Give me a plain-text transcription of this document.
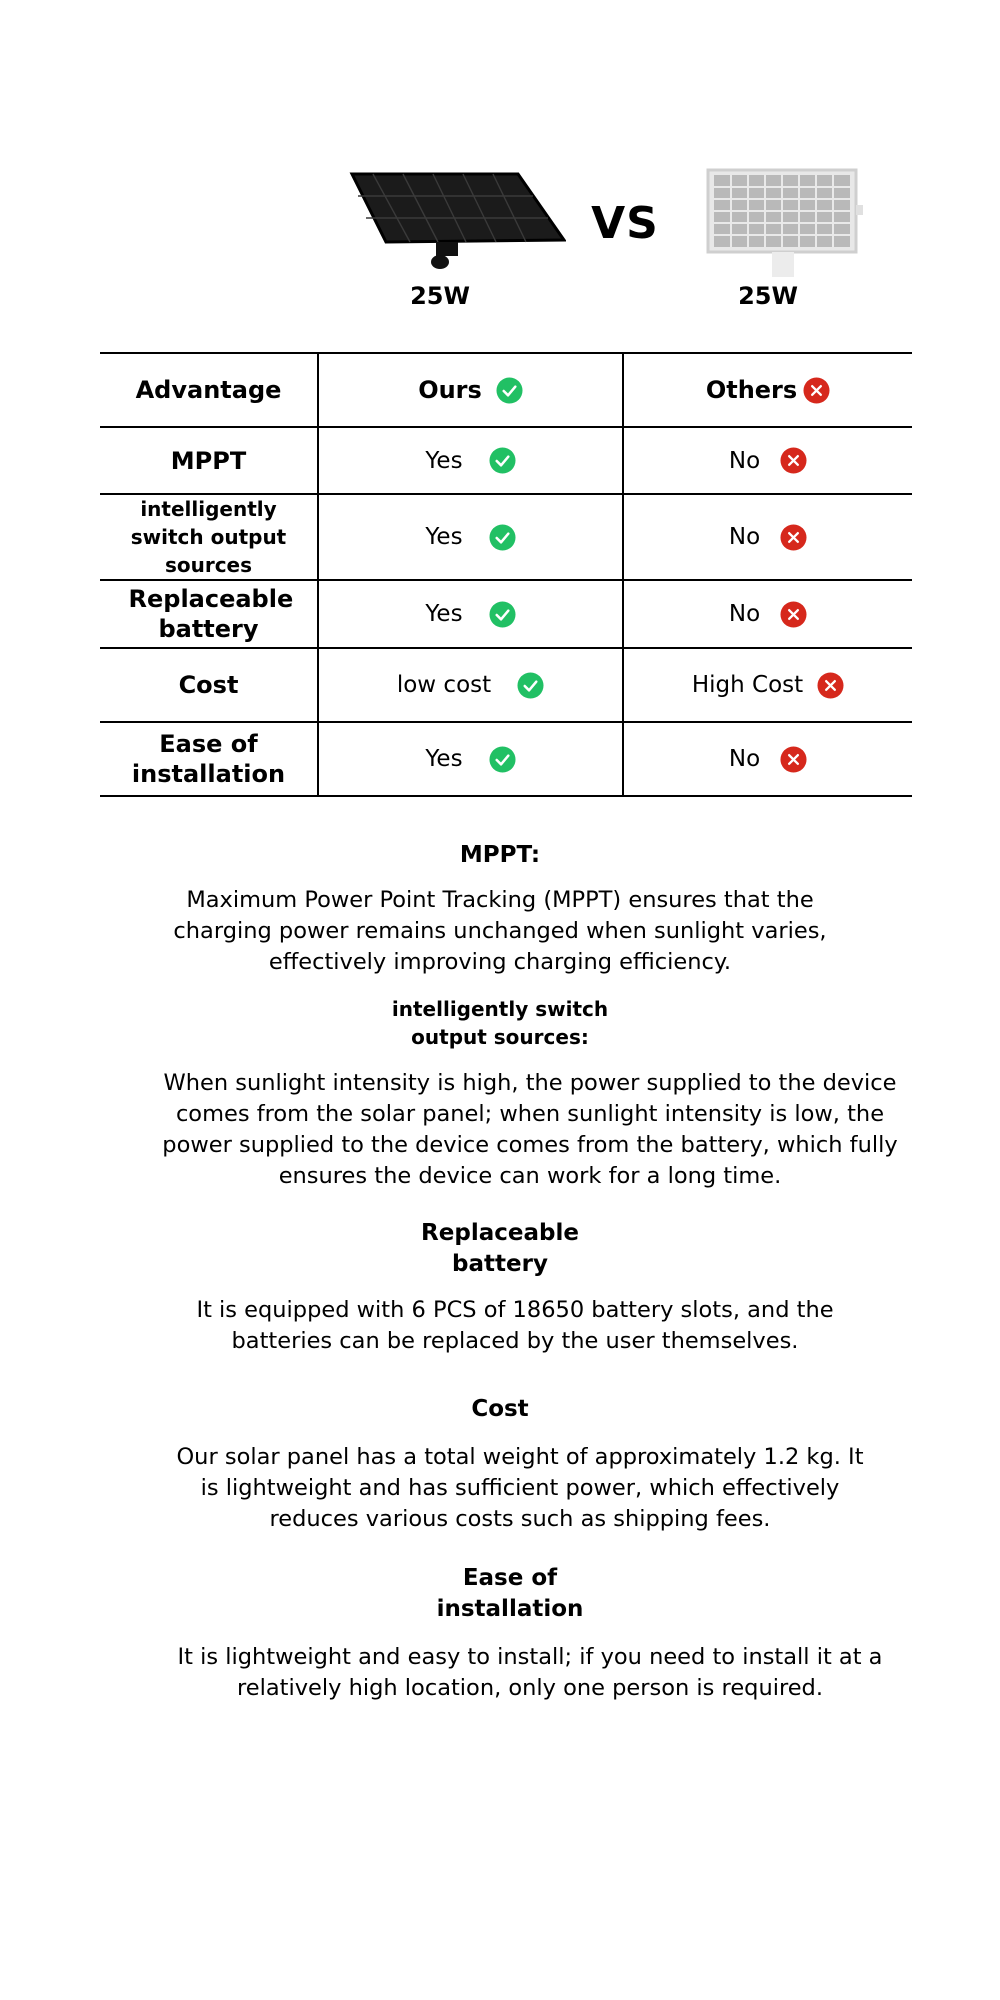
VS
25W	25W
Advantage	Ours	Others

MPPT	Yes	No

intelligently switch output sources	Yes	No

Replaceable battery	Yes	No

Cost	low cost	High Cost

Ease of installation	Yes	No
MPPT:
Maximum Power Point Tracking (MPPT) ensures that the charging power remains unchanged when sunlight varies, effectively improving charging efficiency.
intelligently switch output sources:
When sunlight intensity is high, the power supplied to the device comes from the solar panel; when sunlight intensity is low, the power supplied to the device comes from the battery, which fully ensures the device can work for a long time.
Replaceable battery
It is equipped with 6 PCS of 18650 battery slots, and the batteries can be replaced by the user themselves.
Cost
Our solar panel has a total weight of approximately 1.2 kg. It is lightweight and has sufficient power, which effectively reduces various costs such as shipping fees.
Ease of installation
It is lightweight and easy to install; if you need to install it at a relatively high location, only one person is required.
